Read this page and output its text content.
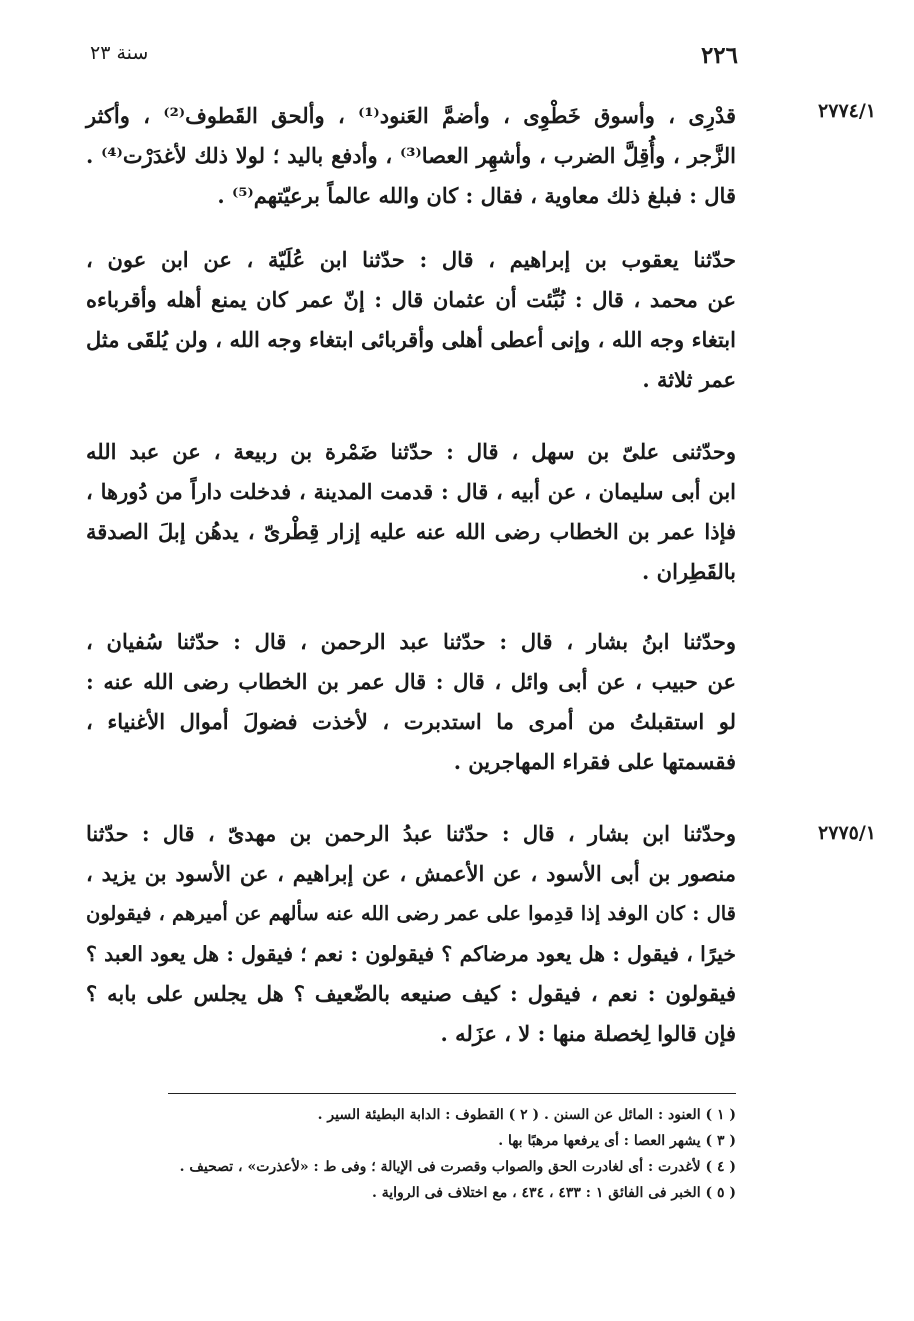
٢٢٦
سنة ٢٣
٢٧٧٤/١
٢٧٧٥/١
قدْرِى ، وأسوق خَطْوِى ، وأضمَّ العَنود⁽¹⁾ ، وألحق القَطوف⁽²⁾ ، وأكثر
الزَّجر ، وأُقِلَّ الضرب ، وأشهِر العصا⁽³⁾ ، وأدفع باليد ؛ لولا ذلك لأغدَرْت⁽⁴⁾ .
قال : فبلغ ذلك معاوية ، فقال : كان والله عالماً برعيّتهم⁽⁵⁾ .
حدّثنا يعقوب بن إبراهيم ، قال : حدّثنا ابن عُلَيّة ، عن ابن عون ،
عن محمد ، قال : نُبِّئت أن عثمان قال : إنّ عمر كان يمنع أهله وأقرباءه
ابتغاء وجه الله ، وإنى أعطى أهلى وأقربائى ابتغاء وجه الله ، ولن يُلقَى مثل
عمر ثلاثة .
وحدّثنى علىّ بن سهل ، قال : حدّثنا ضَمْرة بن ربيعة ، عن عبد الله
ابن أبى سليمان ، عن أبيه ، قال : قدمت المدينة ، فدخلت داراً من دُورها ،
فإذا عمر بن الخطاب رضى الله عنه عليه إزار قِطْرىّ ، يدهُن إبلَ الصدقة
بالقَطِران .
وحدّثنا ابنُ بشار ، قال : حدّثنا عبد الرحمن ، قال : حدّثنا سُفيان ،
عن حبيب ، عن أبى وائل ، قال : قال عمر بن الخطاب رضى الله عنه :
لو استقبلتُ من أمرى ما استدبرت ، لأخذت فضولَ أموال الأغنياء ،
فقسمتها على فقراء المهاجرين .
وحدّثنا ابن بشار ، قال : حدّثنا عبدُ الرحمن بن مهدىّ ، قال : حدّثنا
منصور بن أبى الأسود ، عن الأعمش ، عن إبراهيم ، عن الأسود بن يزيد ،
قال : كان الوفد إذا قدِموا على عمر رضى الله عنه سألهم عن أميرهم ، فيقولون
خيرًا ، فيقول : هل يعود مرضاكم ؟ فيقولون : نعم ؛ فيقول : هل يعود العبد ؟
فيقولون : نعم ، فيقول : كيف صنيعه بالضّعيف ؟ هل يجلس على بابه ؟
فإن قالوا لِخصلة منها : لا ، عزَله .
( ١ ) العنود : المائل عن السنن . ( ٢ ) القطوف : الدابة البطيئة السير .
( ٣ ) يشهر العصا : أى يرفعها مرهبًا بها .
( ٤ ) لأغدرت : أى لغادرت الحق والصواب وقصرت فى الإيالة ؛ وفى ط : «لأعذرت» ، تصحيف .
( ٥ ) الخبر فى الفائق ١ : ٤٣٣ ، ٤٣٤ ، مع اختلاف فى الرواية .
